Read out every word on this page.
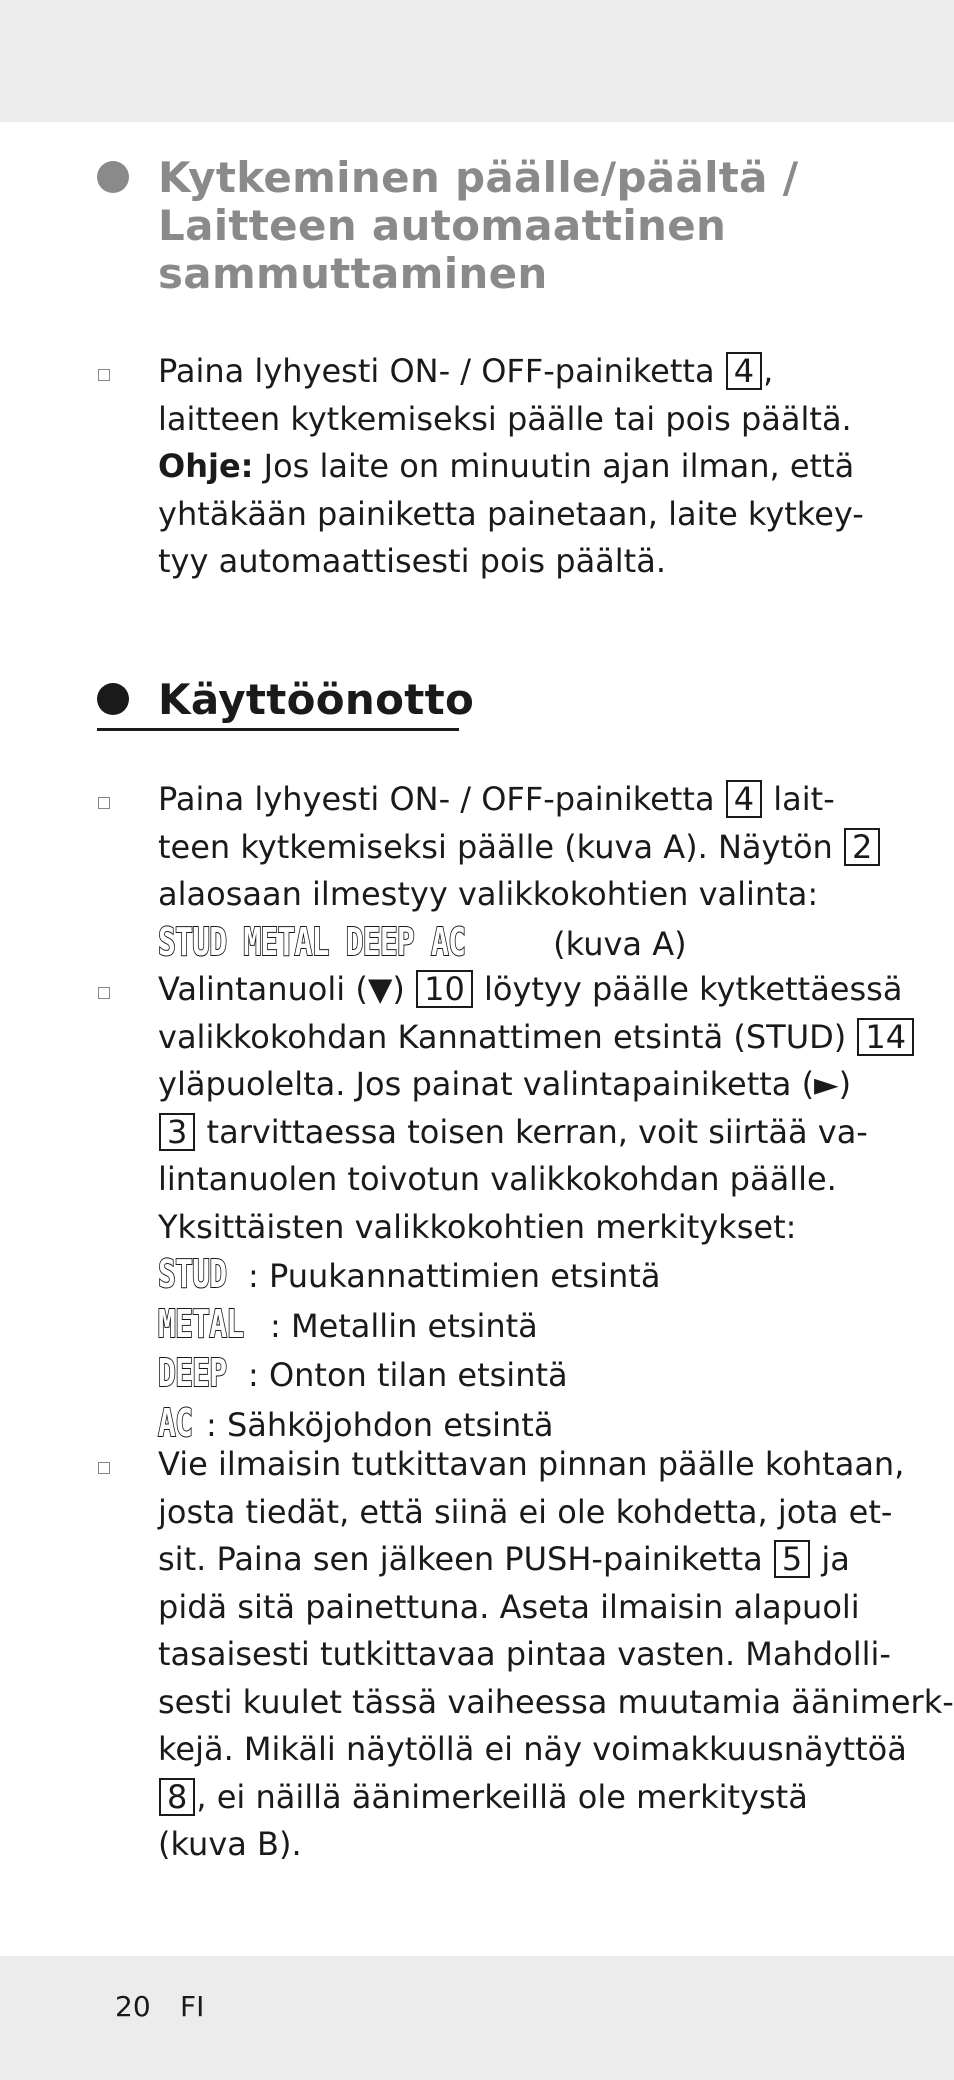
Kytkeminen päälle/päältä /
Laitteen automaattinen
sammuttaminen
Paina lyhyesti ON- / OFF-painiketta 4 ,
laitteen kytkemiseksi päälle tai pois päältä.
Ohje: Jos laite on minuutin ajan ilman, että
yhtäkään painiketta painetaan, laite kytkey-
tyy automaattisesti pois päältä.
Käyttöönotto
Paina lyhyesti ON- / OFF-painiketta 4 lait-
teen kytkemiseksi päälle (kuva A). Näytön 2
alaosaan ilmestyy valikkokohtien valinta:
STUD METAL DEEP AC (kuva A)
Valintanuoli (▼) 10 löytyy päälle kytkettäessä
valikkokohdan Kannattimen etsintä (STUD) 14
yläpuolelta. Jos painat valintapainiketta (►)
3 tarvittaessa toisen kerran, voit siirtää va-
lintanuolen toivotun valikkokohdan päälle.
Yksittäisten valikkokohtien merkitykset:
STUD : Puukannattimien etsintä
METAL : Metallin etsintä
DEEP : Onton tilan etsintä
AC : Sähköjohdon etsintä
Vie ilmaisin tutkittavan pinnan päälle kohtaan,
josta tiedät, että siinä ei ole kohdetta, jota et-
sit. Paina sen jälkeen PUSH-painiketta 5 ja
pidä sitä painettuna. Aseta ilmaisin alapuoli
tasaisesti tutkittavaa pintaa vasten. Mahdolli-
sesti kuulet tässä vaiheessa muutamia äänimerk-
kejä. Mikäli näytöllä ei näy voimakkuusnäyttöä
8 , ei näillä äänimerkeillä ole merkitystä
(kuva B).
20 FI
